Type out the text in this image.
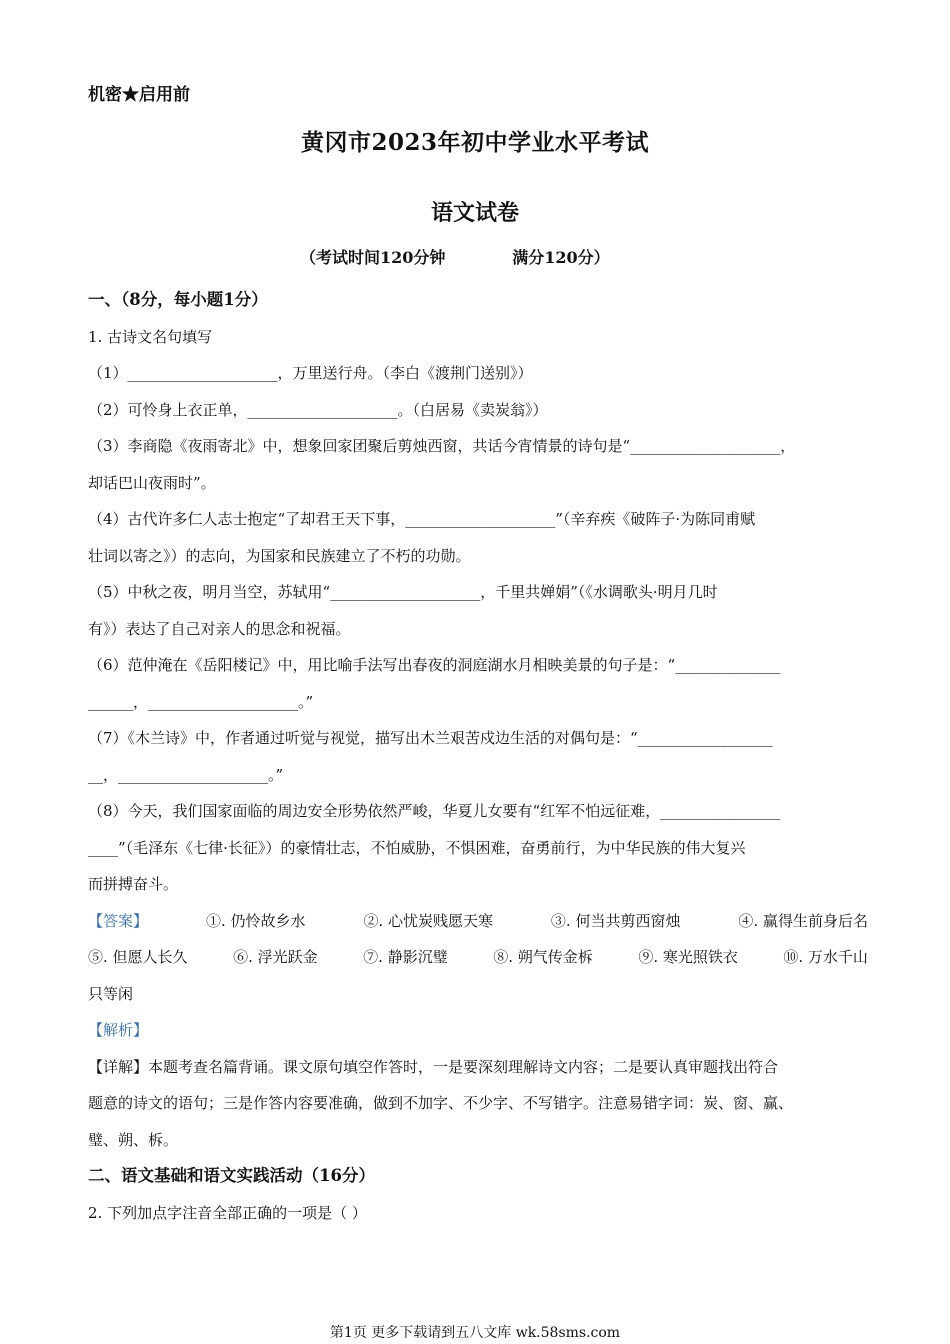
机密★启用前
黄冈市2023年初中学业水平考试
语文试卷
（考试时间120分钟            满分120分）
一、（8分，每小题1分）
1. 古诗文名句填写
（1）____________________，万里送行舟。（李白《渡荆门送别》）
（2）可怜身上衣正单，____________________。（白居易《卖炭翁》）
（3）李商隐《夜雨寄北》中，想象回家团聚后剪烛西窗，共话今宵情景的诗句是“____________________，
却话巴山夜雨时”。
（4）古代许多仁人志士抱定“了却君王天下事，____________________”（辛弃疾《破阵子·为陈同甫赋
壮词以寄之》）的志向，为国家和民族建立了不朽的功勋。
（5）中秋之夜，明月当空，苏轼用“____________________，千里共婵娟”（《水调歌头·明月几时
有》）表达了自己对亲人的思念和祝福。
（6）范仲淹在《岳阳楼记》中，用比喻手法写出春夜的洞庭湖水月相映美景的句子是：“______________
______，____________________。”
（7）《木兰诗》中，作者通过听觉与视觉，描写出木兰艰苦戍边生活的对偶句是：“__________________
__，____________________。”
（8）今天，我们国家面临的周边安全形势依然严峻，华夏儿女要有“红军不怕远征难，________________
____”（毛泽东《七律·长征》）的豪情壮志，不怕威胁，不惧困难，奋勇前行，为中华民族的伟大复兴
而拼搏奋斗。
【答案】	①. 仍怜故乡水	②. 心忧炭贱愿天寒	③. 何当共剪西窗烛	④. 赢得生前身后名
⑤. 但愿人长久	⑥. 浮光跃金	⑦. 静影沉璧	⑧. 朔气传金柝	⑨. 寒光照铁衣	⑩. 万水千山
只等闲
【解析】
【详解】本题考查名篇背诵。课文原句填空作答时，一是要深刻理解诗文内容；二是要认真审题找出符合
题意的诗文的语句；三是作答内容要准确，做到不加字、不少字、不写错字。注意易错字词：炭、窗、赢、
璧、朔、柝。
二、语文基础和语文实践活动（16分）
2. 下列加点字注音全部正确的一项是（ ）
第1页 更多下载请到五八文库 wk.58sms.com
